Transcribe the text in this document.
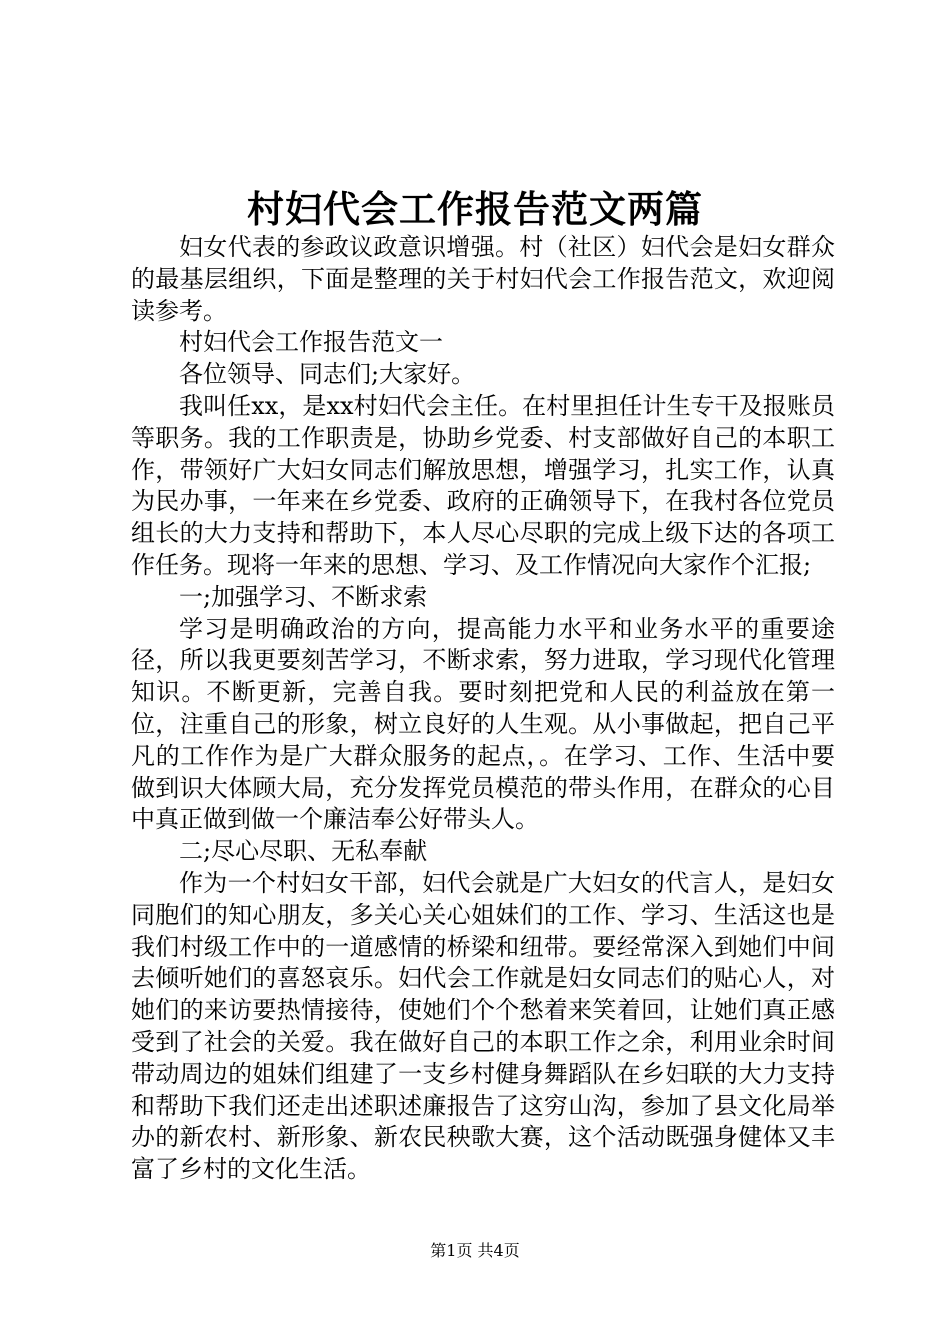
村妇代会工作报告范文两篇

妇女代表的参政议政意识增强。村（社区）妇代会是妇女群众的最基层组织，下面是整理的关于村妇代会工作报告范文，欢迎阅读参考。

村妇代会工作报告范文一

各位领导、同志们;大家好。

我叫任xx，是xx村妇代会主任。在村里担任计生专干及报账员等职务。我的工作职责是，协助乡党委、村支部做好自己的本职工作，带领好广大妇女同志们解放思想，增强学习，扎实工作，认真为民办事，一年来在乡党委、政府的正确领导下，在我村各位党员组长的大力支持和帮助下，本人尽心尽职的完成上级下达的各项工作任务。现将一年来的思想、学习、及工作情况向大家作个汇报;

一;加强学习、不断求索

学习是明确政治的方向，提高能力水平和业务水平的重要途径，所以我更要刻苦学习，不断求索，努力进取，学习现代化管理知识。不断更新，完善自我。要时刻把党和人民的利益放在第一位，注重自己的形象，树立良好的人生观。从小事做起，把自己平凡的工作作为是广大群众服务的起点，。在学习、工作、生活中要做到识大体顾大局，充分发挥党员模范的带头作用，在群众的心目中真正做到做一个廉洁奉公好带头人。

二;尽心尽职、无私奉献

作为一个村妇女干部，妇代会就是广大妇女的代言人，是妇女同胞们的知心朋友，多关心关心姐妹们的工作、学习、生活这也是我们村级工作中的一道感情的桥梁和纽带。要经常深入到她们中间去倾听她们的喜怒哀乐。妇代会工作就是妇女同志们的贴心人，对她们的来访要热情接待，使她们个个愁着来笑着回，让她们真正感受到了社会的关爱。我在做好自己的本职工作之余，利用业余时间带动周边的姐妹们组建了一支乡村健身舞蹈队在乡妇联的大力支持和帮助下我们还走出述职述廉报告了这穷山沟，参加了县文化局举办的新农村、新形象、新农民秧歌大赛，这个活动既强身健体又丰富了乡村的文化生活。

第1页 共4页
